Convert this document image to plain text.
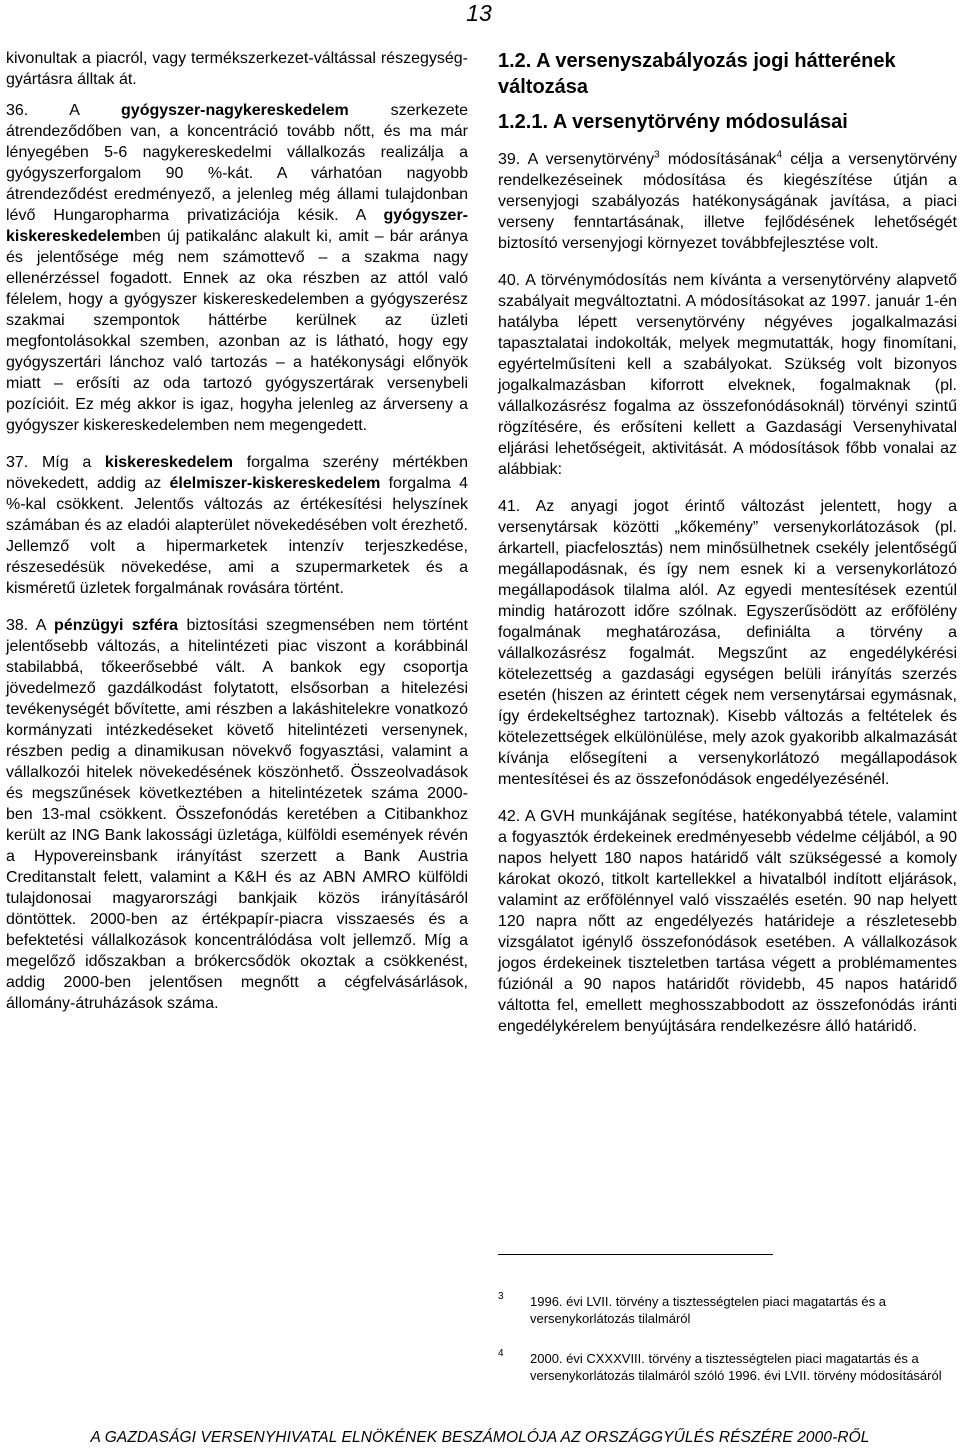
13

kivonultak a piacról, vagy termékszerkezet-váltással részegység-gyártásra álltak át.

36. A gyógyszer-nagykereskedelem szerkezete átrendeződőben van, a koncentráció tovább nőtt, és ma már lényegében 5-6 nagykereskedelmi vállalkozás realizálja a gyógyszerforgalom 90 %-kát. A várhatóan nagyobb átrendeződést eredményező, a jelenleg még állami tulajdonban lévő Hungaropharma privatizációja késik. A gyógyszer-kiskereskedelemben új patikalánc alakult ki, amit – bár aránya és jelentősége még nem számottevő – a szakma nagy ellenérzéssel fogadott. Ennek az oka részben az attól való félelem, hogy a gyógyszer kiskereskedelemben a gyógyszerész szakmai szempontok háttérbe kerülnek az üzleti megfontolásokkal szemben, azonban az is látható, hogy egy gyógyszertári lánchoz való tartozás – a hatékonysági előnyök miatt – erősíti az oda tartozó gyógyszertárak versenybeli pozícióit. Ez még akkor is igaz, hogyha jelenleg az árverseny a gyógyszer kiskereskedelemben nem megengedett.

37. Míg a kiskereskedelem forgalma szerény mértékben növekedett, addig az élelmiszer-kiskereskedelem forgalma 4 %-kal csökkent. Jelentős változás az értékesítési helyszínek számában és az eladói alapterület növekedésében volt érezhető. Jellemző volt a hipermarketek intenzív terjeszkedése, részesedésük növekedése, ami a szupermarketek és a kisméretű üzletek forgalmának rovására történt.

38. A pénzügyi szféra biztosítási szegmensében nem történt jelentősebb változás, a hitelintézeti piac viszont a korábbinál stabilabbá, tőkeerősebbé vált. A bankok egy csoportja jövedelmező gazdálkodást folytatott, elsősorban a hitelezési tevékenységét bővítette, ami részben a lakáshitelekre vonatkozó kormányzati intézkedéseket követő hitelintézeti versenynek, részben pedig a dinamikusan növekvő fogyasztási, valamint a vállalkozói hitelek növekedésének köszönhető. Összeolvadások és megszűnések következtében a hitelintézetek száma 2000-ben 13-mal csökkent. Összefonódás keretében a Citibankhoz került az ING Bank lakossági üzletága, külföldi események révén a Hypovereinsbank irányítást szerzett a Bank Austria Creditanstalt felett, valamint a K&H és az ABN AMRO külföldi tulajdonosai magyarországi bankjaik közös irányításáról döntöttek. 2000-ben az értékpapír-piacra visszaesés és a befektetési vállalkozások koncentrálódása volt jellemző. Míg a megelőző időszakban a brókercsődök okoztak a csökkenést, addig 2000-ben jelentősen megnőtt a cégfelvásárlások, állomány-átruházások száma.

1.2. A versenyszabályozás jogi hátterének változása
1.2.1. A versenytörvény módosulásai

39. A versenytörvény$^3$ módosításának$^4$ célja a versenytörvény rendelkezéseinek módosítása és kiegészítése útján a versenyjogi szabályozás hatékonyságának javítása, a piaci verseny fenntartásának, illetve fejlődésének lehetőségét biztosító versenyjogi környezet továbbfejlesztése volt.

40. A törvénymódosítás nem kívánta a versenytörvény alapvető szabályait megváltoztatni. A módosításokat az 1997. január 1-én hatályba lépett versenytörvény négyéves jogalkalmazási tapasztalatai indokolták, melyek megmutatták, hogy finomítani, egyértelműsíteni kell a szabályokat. Szükség volt bizonyos jogalkalmazásban kiforrott elveknek, fogalmaknak (pl. vállalkozásrész fogalma az összefonódásoknál) törvényi szintű rögzítésére, és erősíteni kellett a Gazdasági Versenyhivatal eljárási lehetőségeit, aktivitását. A módosítások főbb vonalai az alábbiak:

41. Az anyagi jogot érintő változást jelentett, hogy a versenytársak közötti „kőkemény” versenykorlátozások (pl. árkartell, piacfelosztás) nem minősülhetnek csekély jelentőségű megállapodásnak, és így nem esnek ki a versenykorlátozó megállapodások tilalma alól. Az egyedi mentesítések ezentúl mindig határozott időre szólnak. Egyszerűsödött az erőfölény fogalmának meghatározása, definiálta a törvény a vállalkozásrész fogalmát. Megszűnt az engedélykérési kötelezettség a gazdasági egységen belüli irányítás szerzés esetén (hiszen az érintett cégek nem versenytársai egymásnak, így érdekeltséghez tartoznak). Kisebb változás a feltételek és kötelezettségek elkülönülése, mely azok gyakoribb alkalmazását kívánja elősegíteni a versenykorlátozó megállapodások mentesítései és az összefonódások engedélyezésénél.

42. A GVH munkájának segítése, hatékonyabbá tétele, valamint a fogyasztók érdekeinek eredményesebb védelme céljából, a 90 napos helyett 180 napos határidő vált szükségessé a komoly károkat okozó, titkolt kartellekkel a hivatalból indított eljárások, valamint az erőfölénnyel való visszaélés esetén. 90 nap helyett 120 napra nőtt az engedélyezés határideje a részletesebb vizsgálatot igénylő összefonódások esetében. A vállalkozások jogos érdekeinek tiszteletben tartása végett a problémamentes fúziónál a 90 napos határidőt rövidebb, 45 napos határidő váltotta fel, emellett meghosszabbodott az összefonódás iránti engedélykérelem benyújtására rendelkezésre álló határidő.

3 1996. évi LVII. törvény a tisztességtelen piaci magatartás és a versenykorlátozás tilalmáról
4 2000. évi CXXXVIII. törvény a tisztességtelen piaci magatartás és a versenykorlátozás tilalmáról szóló 1996. évi LVII. törvény módosításáról
A GAZDASÁGI VERSENYHIVATAL ELNÖKÉNEK BESZÁMOLÓJA AZ ORSZÁGGYŰLÉS RÉSZÉRE 2000-RŐL
